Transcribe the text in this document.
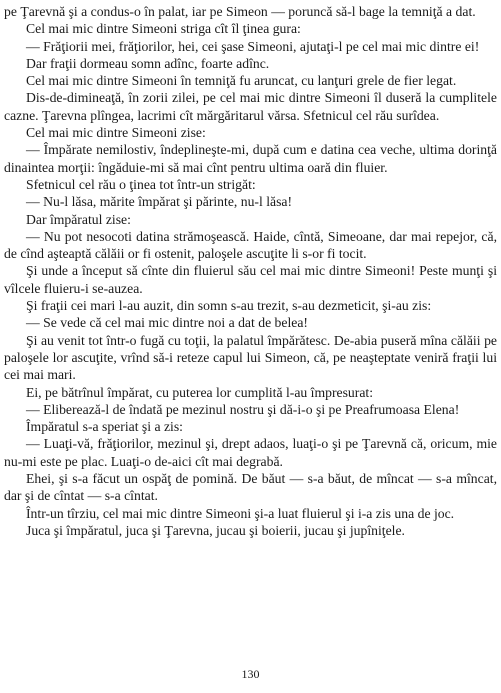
pe Ţarevnă şi a condus-o în palat, iar pe Simeon — poruncă să-l bage la temniţă a dat.

Cel mai mic dintre Simeoni striga cît îl ţinea gura:

— Frăţiorii mei, frăţiorilor, hei, cei şase Simeoni, ajutaţi-l pe cel mai mic dintre ei!

Dar fraţii dormeau somn adînc, foarte adînc.

Cel mai mic dintre Simeoni în temniţă fu aruncat, cu lanţuri grele de fier legat.

Dis-de-dimineaţă, în zorii zilei, pe cel mai mic dintre Simeoni îl duseră la cumplitele cazne. Ţarevna plîngea, lacrimi cît mărgăritarul vărsa. Sfetnicul cel rău surîdea.

Cel mai mic dintre Simeoni zise:

— Împărate nemilostiv, îndeplineşte-mi, după cum e datina cea veche, ultima dorinţă dinaintea morţii: îngăduie-mi să mai cînt pentru ultima oară din fluier.

Sfetnicul cel rău o ţinea tot într-un strigăt:

— Nu-l lăsa, mărite împărat şi părinte, nu-l lăsa!

Dar împăratul zise:

— Nu pot nesocoti datina strămoşească. Haide, cîntă, Simeoane, dar mai repejor, că, de cînd aşteaptă călăii or fi ostenit, paloşele ascuţite li s-or fi tocit.

Şi unde a început să cînte din fluierul său cel mai mic dintre Simeoni! Peste munţi şi vîlcele fluieru-i se-auzea.

Şi fraţii cei mari l-au auzit, din somn s-au trezit, s-au dezmeticit, şi-au zis:

— Se vede că cel mai mic dintre noi a dat de belea!

Şi au venit tot într-o fugă cu toţii, la palatul împărătesc. De-abia puseră mîna călăii pe paloşele lor ascuţite, vrînd să-i reteze capul lui Simeon, că, pe neaşteptate veniră fraţii lui cei mai mari.

Ei, pe bătrînul împărat, cu puterea lor cumplită l-au împresurat:

— Eliberează-l de îndată pe mezinul nostru şi dă-i-o şi pe Preafrumoasa Elena!

Împăratul s-a speriat şi a zis:

— Luaţi-vă, frăţiorilor, mezinul şi, drept adaos, luaţi-o şi pe Ţarevnă că, oricum, mie nu-mi este pe plac. Luaţi-o de-aici cît mai degrabă.

Ehei, şi s-a făcut un ospăţ de pomină. De băut — s-a băut, de mîncat — s-a mîncat, dar şi de cîntat — s-a cîntat.

Într-un tîrziu, cel mai mic dintre Simeoni şi-a luat fluierul şi i-a zis una de joc.

Juca şi împăratul, juca şi Ţarevna, jucau şi boierii, jucau şi jupîniţele.

130
